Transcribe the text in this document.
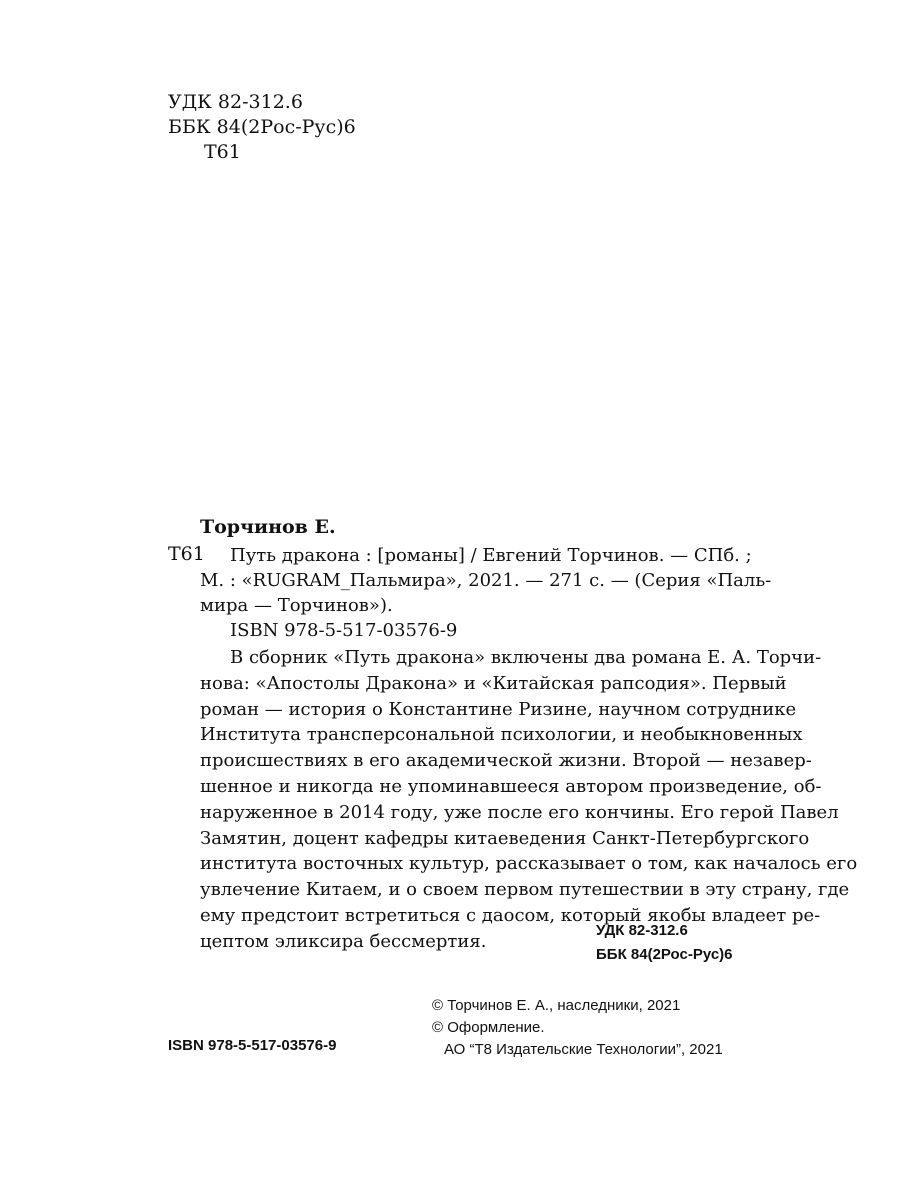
УДК 82-312.6
ББК 84(2Рос-Рус)6
Т61
Торчинов Е.
Т61 Путь дракона : [романы] / Евгений Торчинов. — СПб. ;
М. : «RUGRAM_Пальмира», 2021. — 271 с. — (Серия «Паль-
мира — Торчинов»).
ISBN 978-5-517-03576-9
В сборник «Путь дракона» включены два романа Е. А. Торчи-
нова: «Апостолы Дракона» и «Китайская рапсодия». Первый
роман — история о Константине Ризине, научном сотруднике
Института трансперсональной психологии, и необыкновенных
происшествиях в его академической жизни. Второй — незавер-
шенное и никогда не упоминавшееся автором произведение, об-
наруженное в 2014 году, уже после его кончины. Его герой Павел
Замятин, доцент кафедры китаеведения Санкт-Петербургского
института восточных культур, рассказывает о том, как началось его
увлечение Китаем, и о своем первом путешествии в эту страну, где
ему предстоит встретиться с даосом, который якобы владеет ре-
цептом эликсира бессмертия.
УДК 82-312.6
ББК 84(2Рос-Рус)6
© Торчинов Е. А., наследники, 2021
© Оформление.
АО “Т8 Издательские Технологии”, 2021
ISBN 978-5-517-03576-9
